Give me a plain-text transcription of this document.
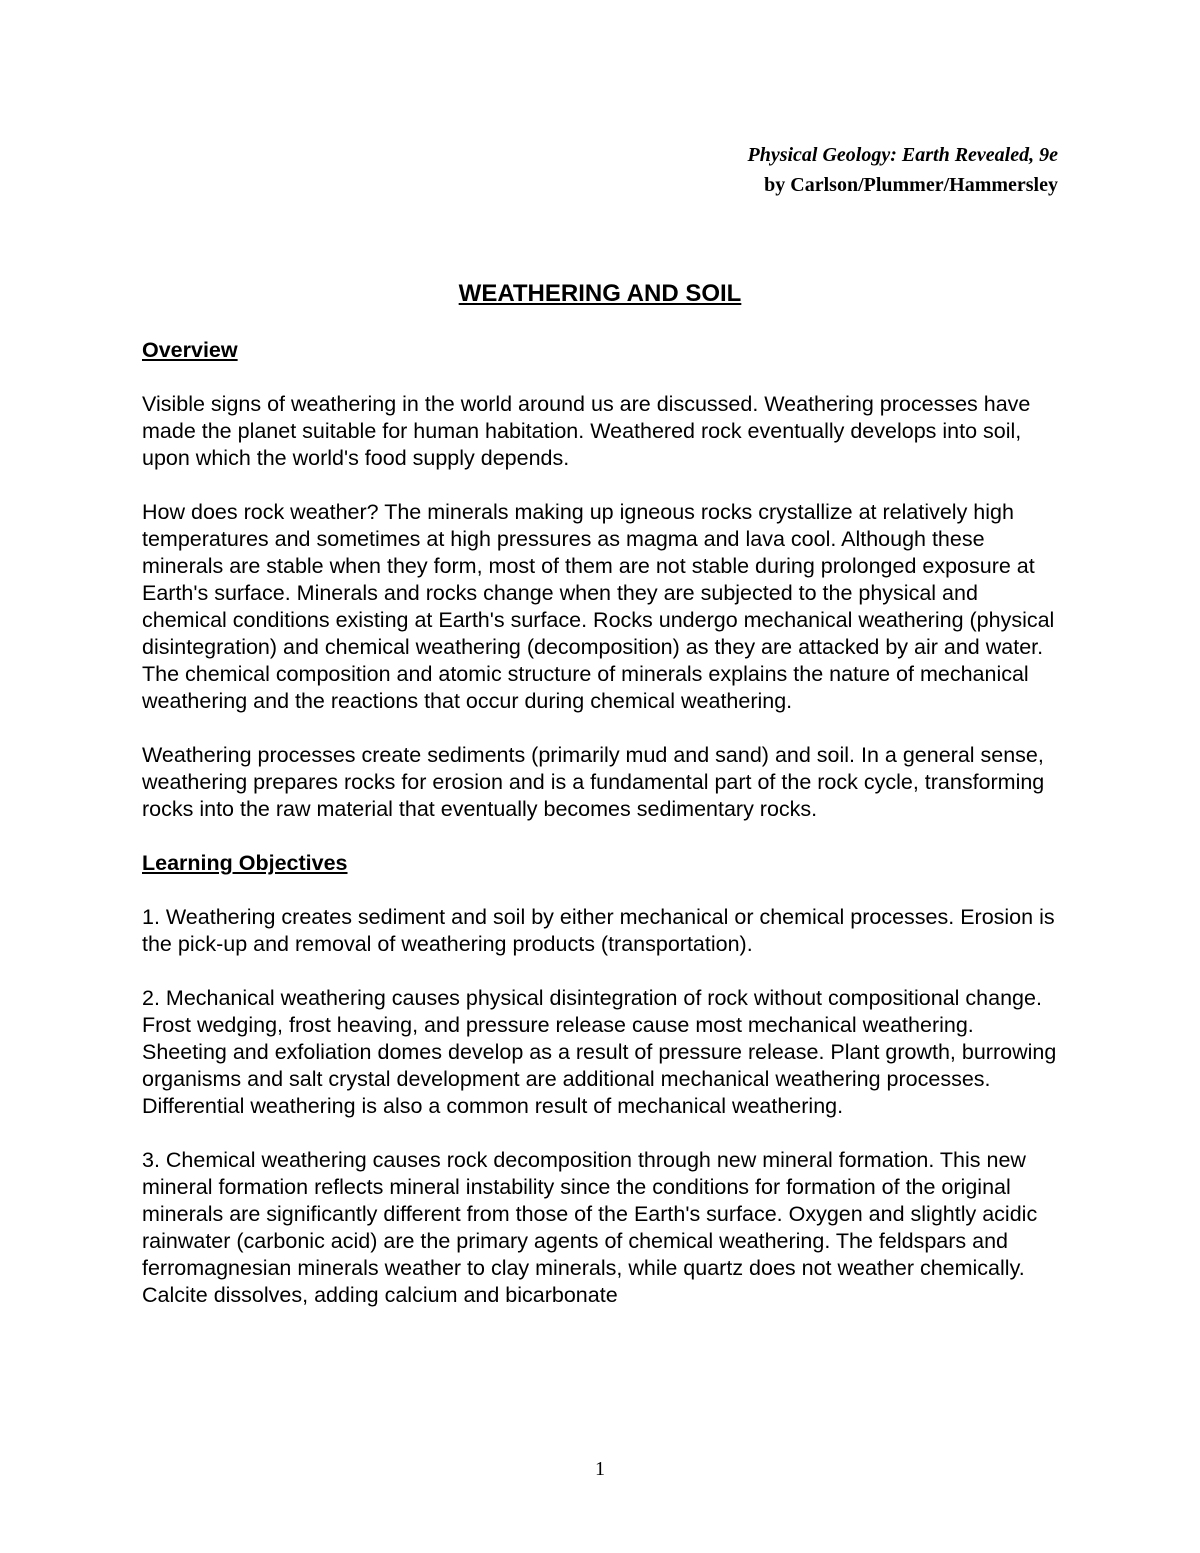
Physical Geology: Earth Revealed, 9e
by Carlson/Plummer/Hammersley
WEATHERING AND SOIL
Overview

Visible signs of weathering in the world around us are discussed. Weathering processes have made the planet suitable for human habitation. Weathered rock eventually develops into soil, upon which the world's food supply depends.

How does rock weather? The minerals making up igneous rocks crystallize at relatively high temperatures and sometimes at high pressures as magma and lava cool. Although these minerals are stable when they form, most of them are not stable during prolonged exposure at Earth's surface. Minerals and rocks change when they are subjected to the physical and chemical conditions existing at Earth's surface. Rocks undergo mechanical weathering (physical disintegration) and chemical weathering (decomposition) as they are attacked by air and water. The chemical composition and atomic structure of minerals explains the nature of mechanical weathering and the reactions that occur during chemical weathering.

Weathering processes create sediments (primarily mud and sand) and soil. In a general sense, weathering prepares rocks for erosion and is a fundamental part of the rock cycle, transforming rocks into the raw material that eventually becomes sedimentary rocks.

Learning Objectives

1. Weathering creates sediment and soil by either mechanical or chemical processes. Erosion is the pick-up and removal of weathering products (transportation).

2. Mechanical weathering causes physical disintegration of rock without compositional change. Frost wedging, frost heaving, and pressure release cause most mechanical weathering. Sheeting and exfoliation domes develop as a result of pressure release. Plant growth, burrowing organisms and salt crystal development are additional mechanical weathering processes. Differential weathering is also a common result of mechanical weathering.

3. Chemical weathering causes rock decomposition through new mineral formation. This new mineral formation reflects mineral instability since the conditions for formation of the original minerals are significantly different from those of the Earth's surface. Oxygen and slightly acidic rainwater (carbonic acid) are the primary agents of chemical weathering. The feldspars and ferromagnesian minerals weather to clay minerals, while quartz does not weather chemically. Calcite dissolves, adding calcium and bicarbonate

1
